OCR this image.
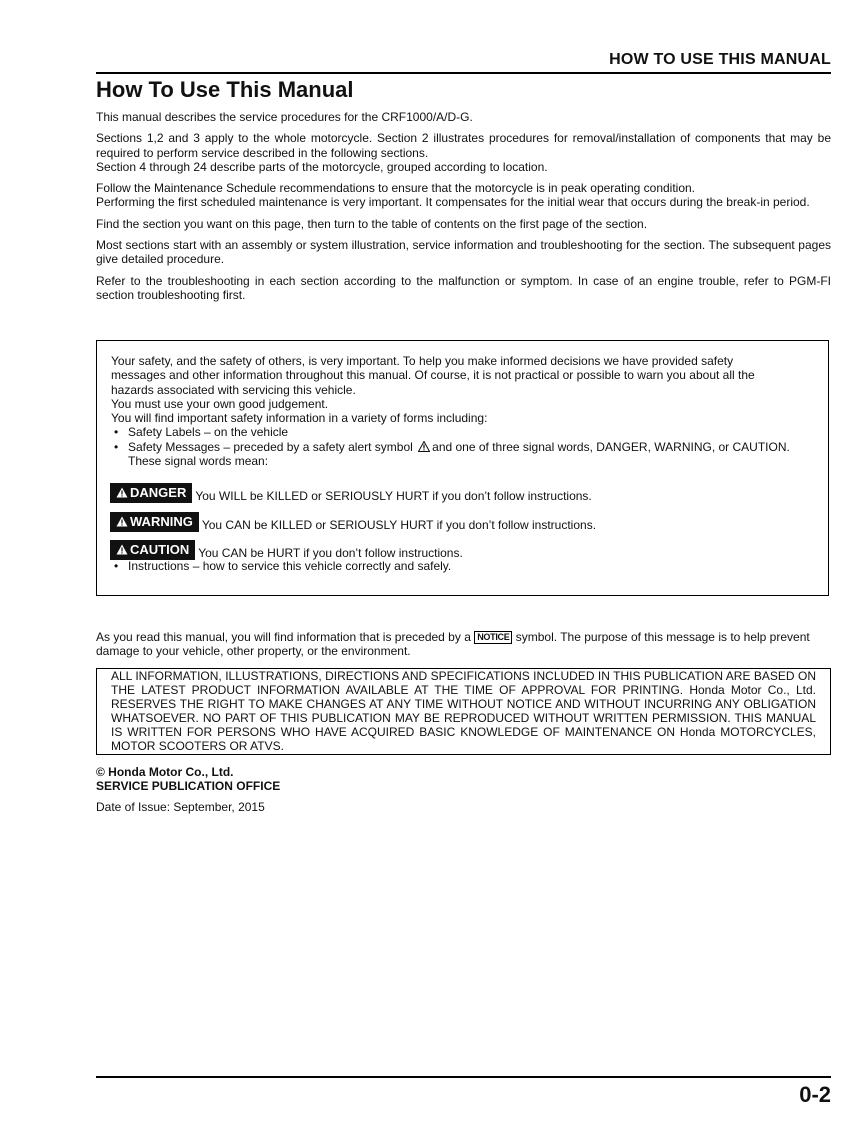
HOW TO USE THIS MANUAL
How To Use This Manual

This manual describes the service procedures for the CRF1000/A/D-G.

Sections 1,2 and 3 apply to the whole motorcycle. Section 2 illustrates procedures for removal/installation of components that may be required to perform service described in the following sections.
Section 4 through 24 describe parts of the motorcycle, grouped according to location.

Follow the Maintenance Schedule recommendations to ensure that the motorcycle is in peak operating condition.
Performing the first scheduled maintenance is very important. It compensates for the initial wear that occurs during the break-in period.

Find the section you want on this page, then turn to the table of contents on the first page of the section.

Most sections start with an assembly or system illustration, service information and troubleshooting for the section. The subsequent pages give detailed procedure.

Refer to the troubleshooting in each section according to the malfunction or symptom. In case of an engine trouble, refer to PGM-FI section troubleshooting first.

Your safety, and the safety of others, is very important. To help you make informed decisions we have provided safety
messages and other information throughout this manual. Of course, it is not practical or possible to warn you about all the
hazards associated with servicing this vehicle.
You must use your own good judgement.
You will find important safety information in a variety of forms including:
• Safety Labels – on the vehicle
• Safety Messages – preceded by a safety alert symbol and one of three signal words, DANGER, WARNING, or CAUTION.
These signal words mean:
DANGER You WILL be KILLED or SERIOUSLY HURT if you don’t follow instructions.
WARNING You CAN be KILLED or SERIOUSLY HURT if you don’t follow instructions.
CAUTION You CAN be HURT if you don’t follow instructions.
• Instructions – how to service this vehicle correctly and safely.
As you read this manual, you will find information that is preceded by a NOTICE symbol. The purpose of this message is to help prevent damage to your vehicle, other property, or the environment.
ALL INFORMATION, ILLUSTRATIONS, DIRECTIONS AND SPECIFICATIONS INCLUDED IN THIS PUBLICATION ARE BASED ON THE LATEST PRODUCT INFORMATION AVAILABLE AT THE TIME OF APPROVAL FOR PRINTING. Honda Motor Co., Ltd. RESERVES THE RIGHT TO MAKE CHANGES AT ANY TIME WITHOUT NOTICE AND WITHOUT INCURRING ANY OBLIGATION WHATSOEVER. NO PART OF THIS PUBLICATION MAY BE REPRODUCED WITHOUT WRITTEN PERMISSION. THIS MANUAL IS WRITTEN FOR PERSONS WHO HAVE ACQUIRED BASIC KNOWLEDGE OF MAINTENANCE ON Honda MOTORCYCLES, MOTOR SCOOTERS OR ATVS.
© Honda Motor Co., Ltd.
SERVICE PUBLICATION OFFICE
Date of Issue: September, 2015
0-2
